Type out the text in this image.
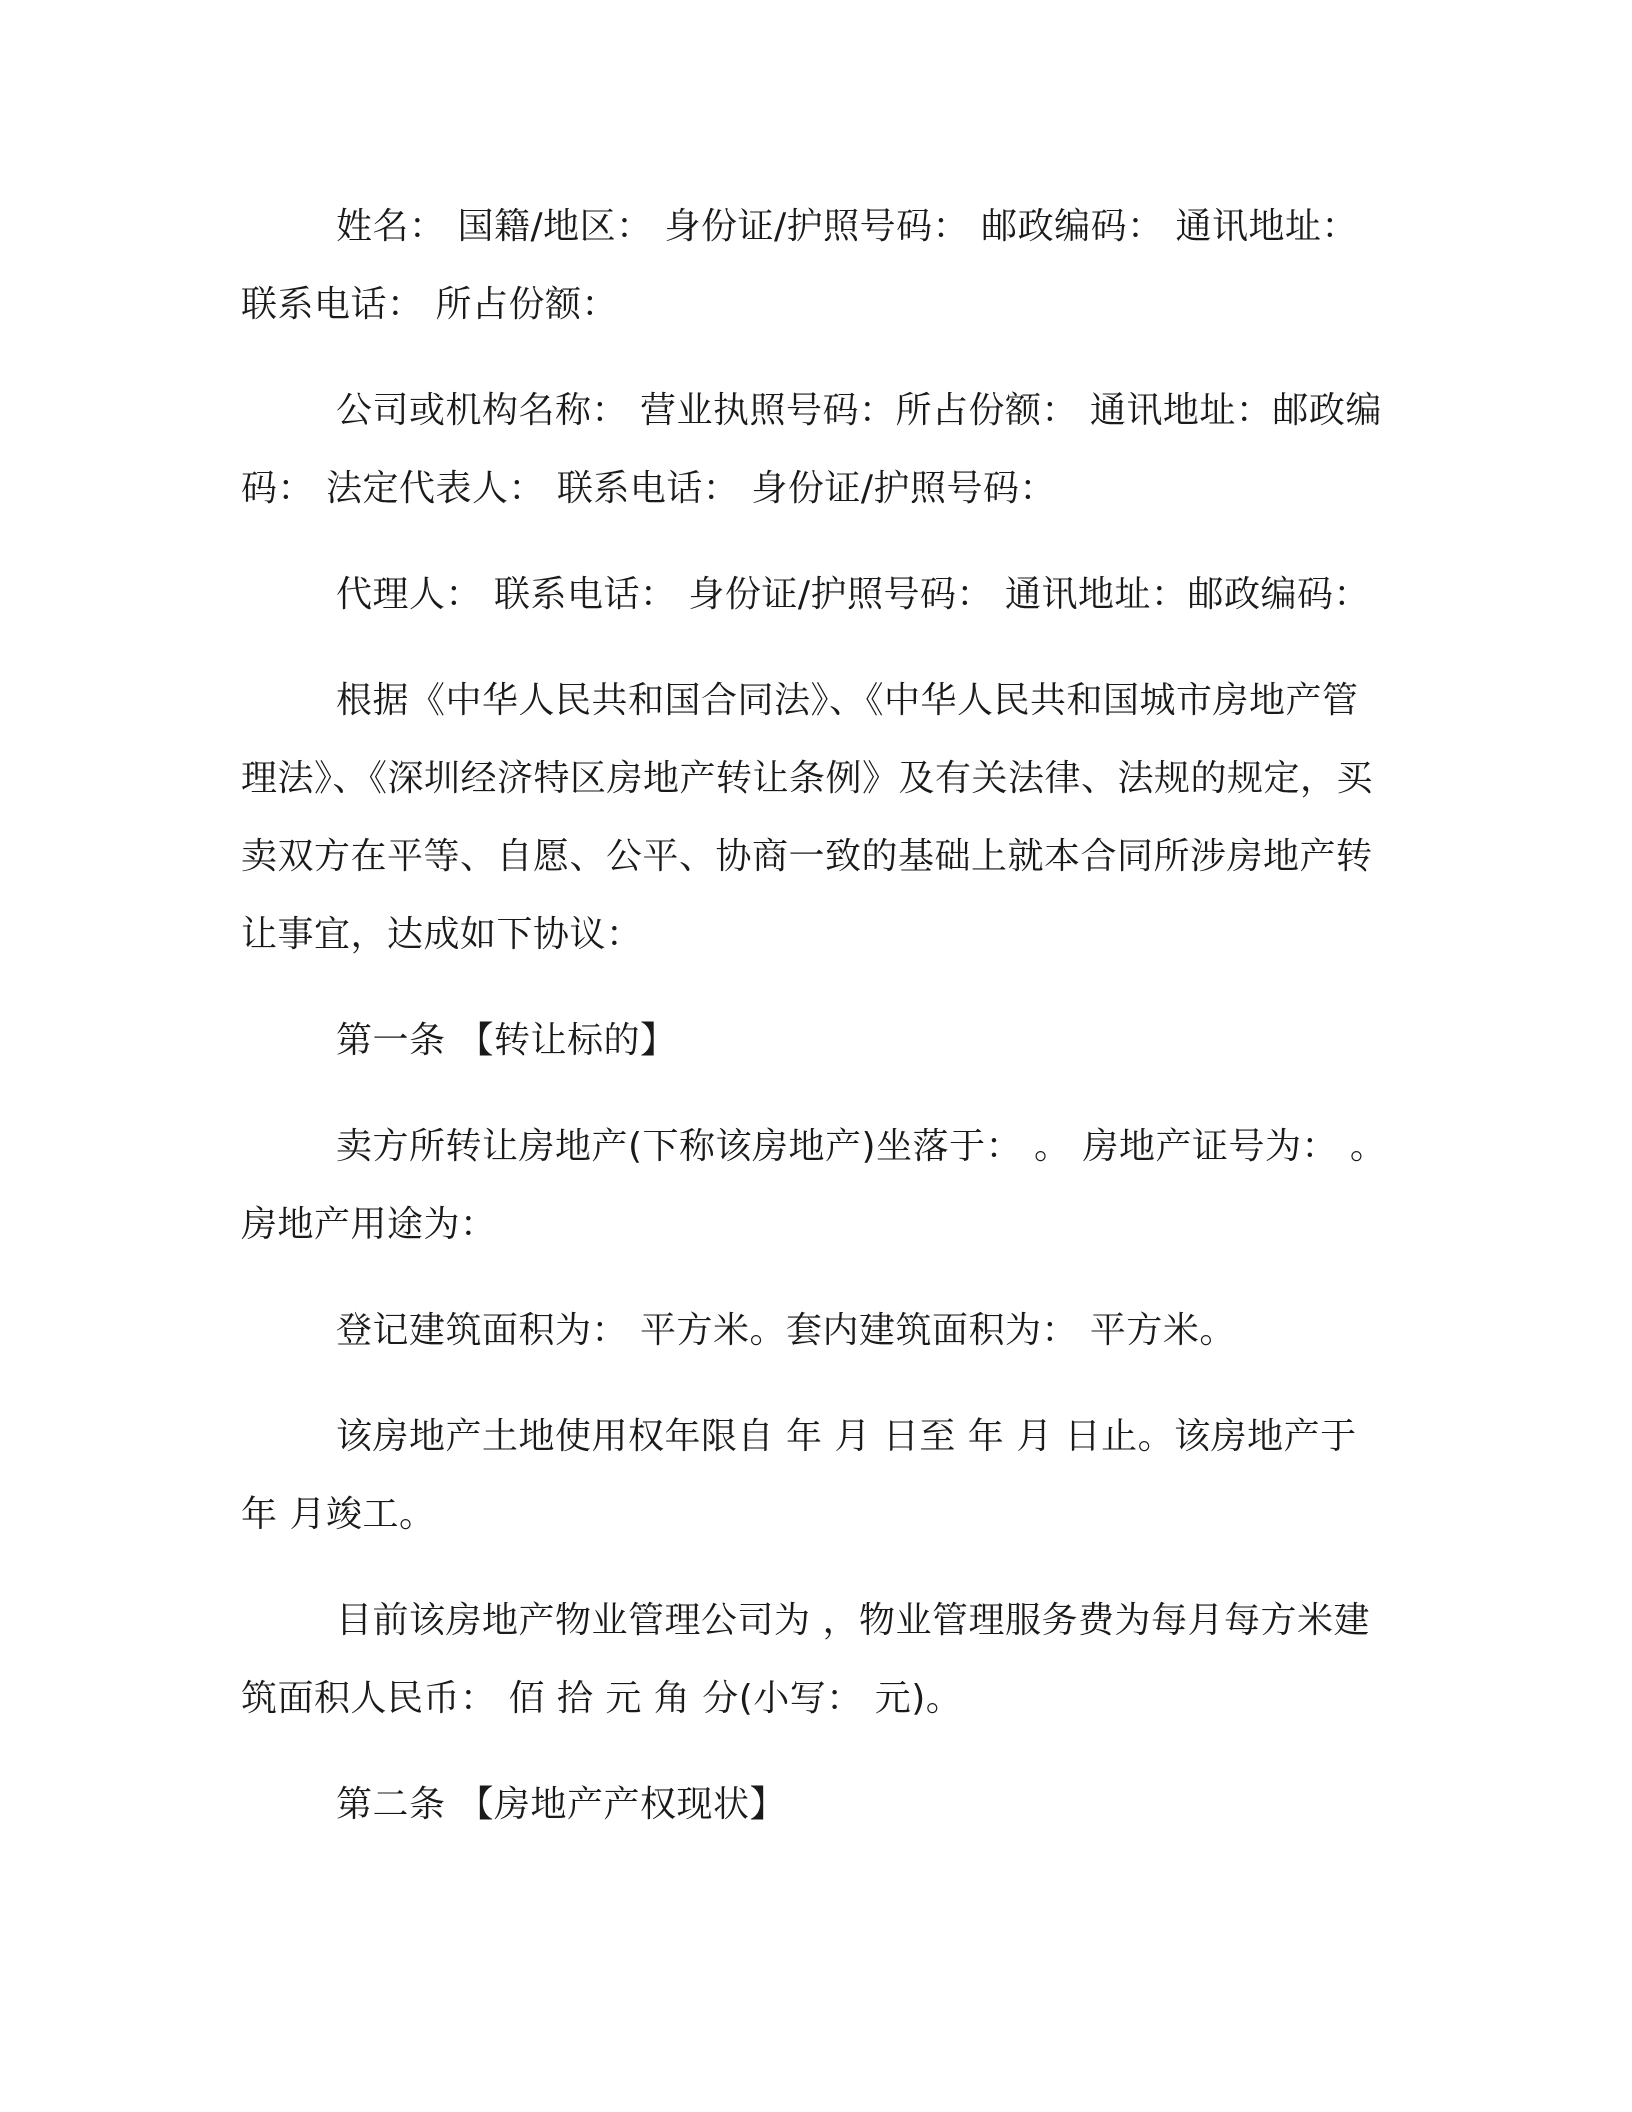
姓名： 国籍/地区： 身份证/护照号码： 邮政编码： 通讯地址： 联系电话： 所占份额：

公司或机构名称： 营业执照号码：所占份额： 通讯地址：邮政编码： 法定代表人： 联系电话： 身份证/护照号码：

代理人： 联系电话： 身份证/护照号码： 通讯地址：邮政编码：

根据《中华人民共和国合同法》、《中华人民共和国城市房地产管理法》、《深圳经济特区房地产转让条例》及有关法律、法规的规定，买卖双方在平等、自愿、公平、协商一致的基础上就本合同所涉房地产转让事宜，达成如下协议：

第一条 【转让标的】

卖方所转让房地产(下称该房地产)坐落于： 。 房地产证号为： 。 房地产用途为：

登记建筑面积为： 平方米。套内建筑面积为： 平方米。

该房地产土地使用权年限自 年 月 日至 年 月 日止。该房地产于 年 月竣工。

目前该房地产物业管理公司为 ，物业管理服务费为每月每方米建筑面积人民币： 佰 拾 元 角 分(小写： 元)。

第二条 【房地产产权现状】
